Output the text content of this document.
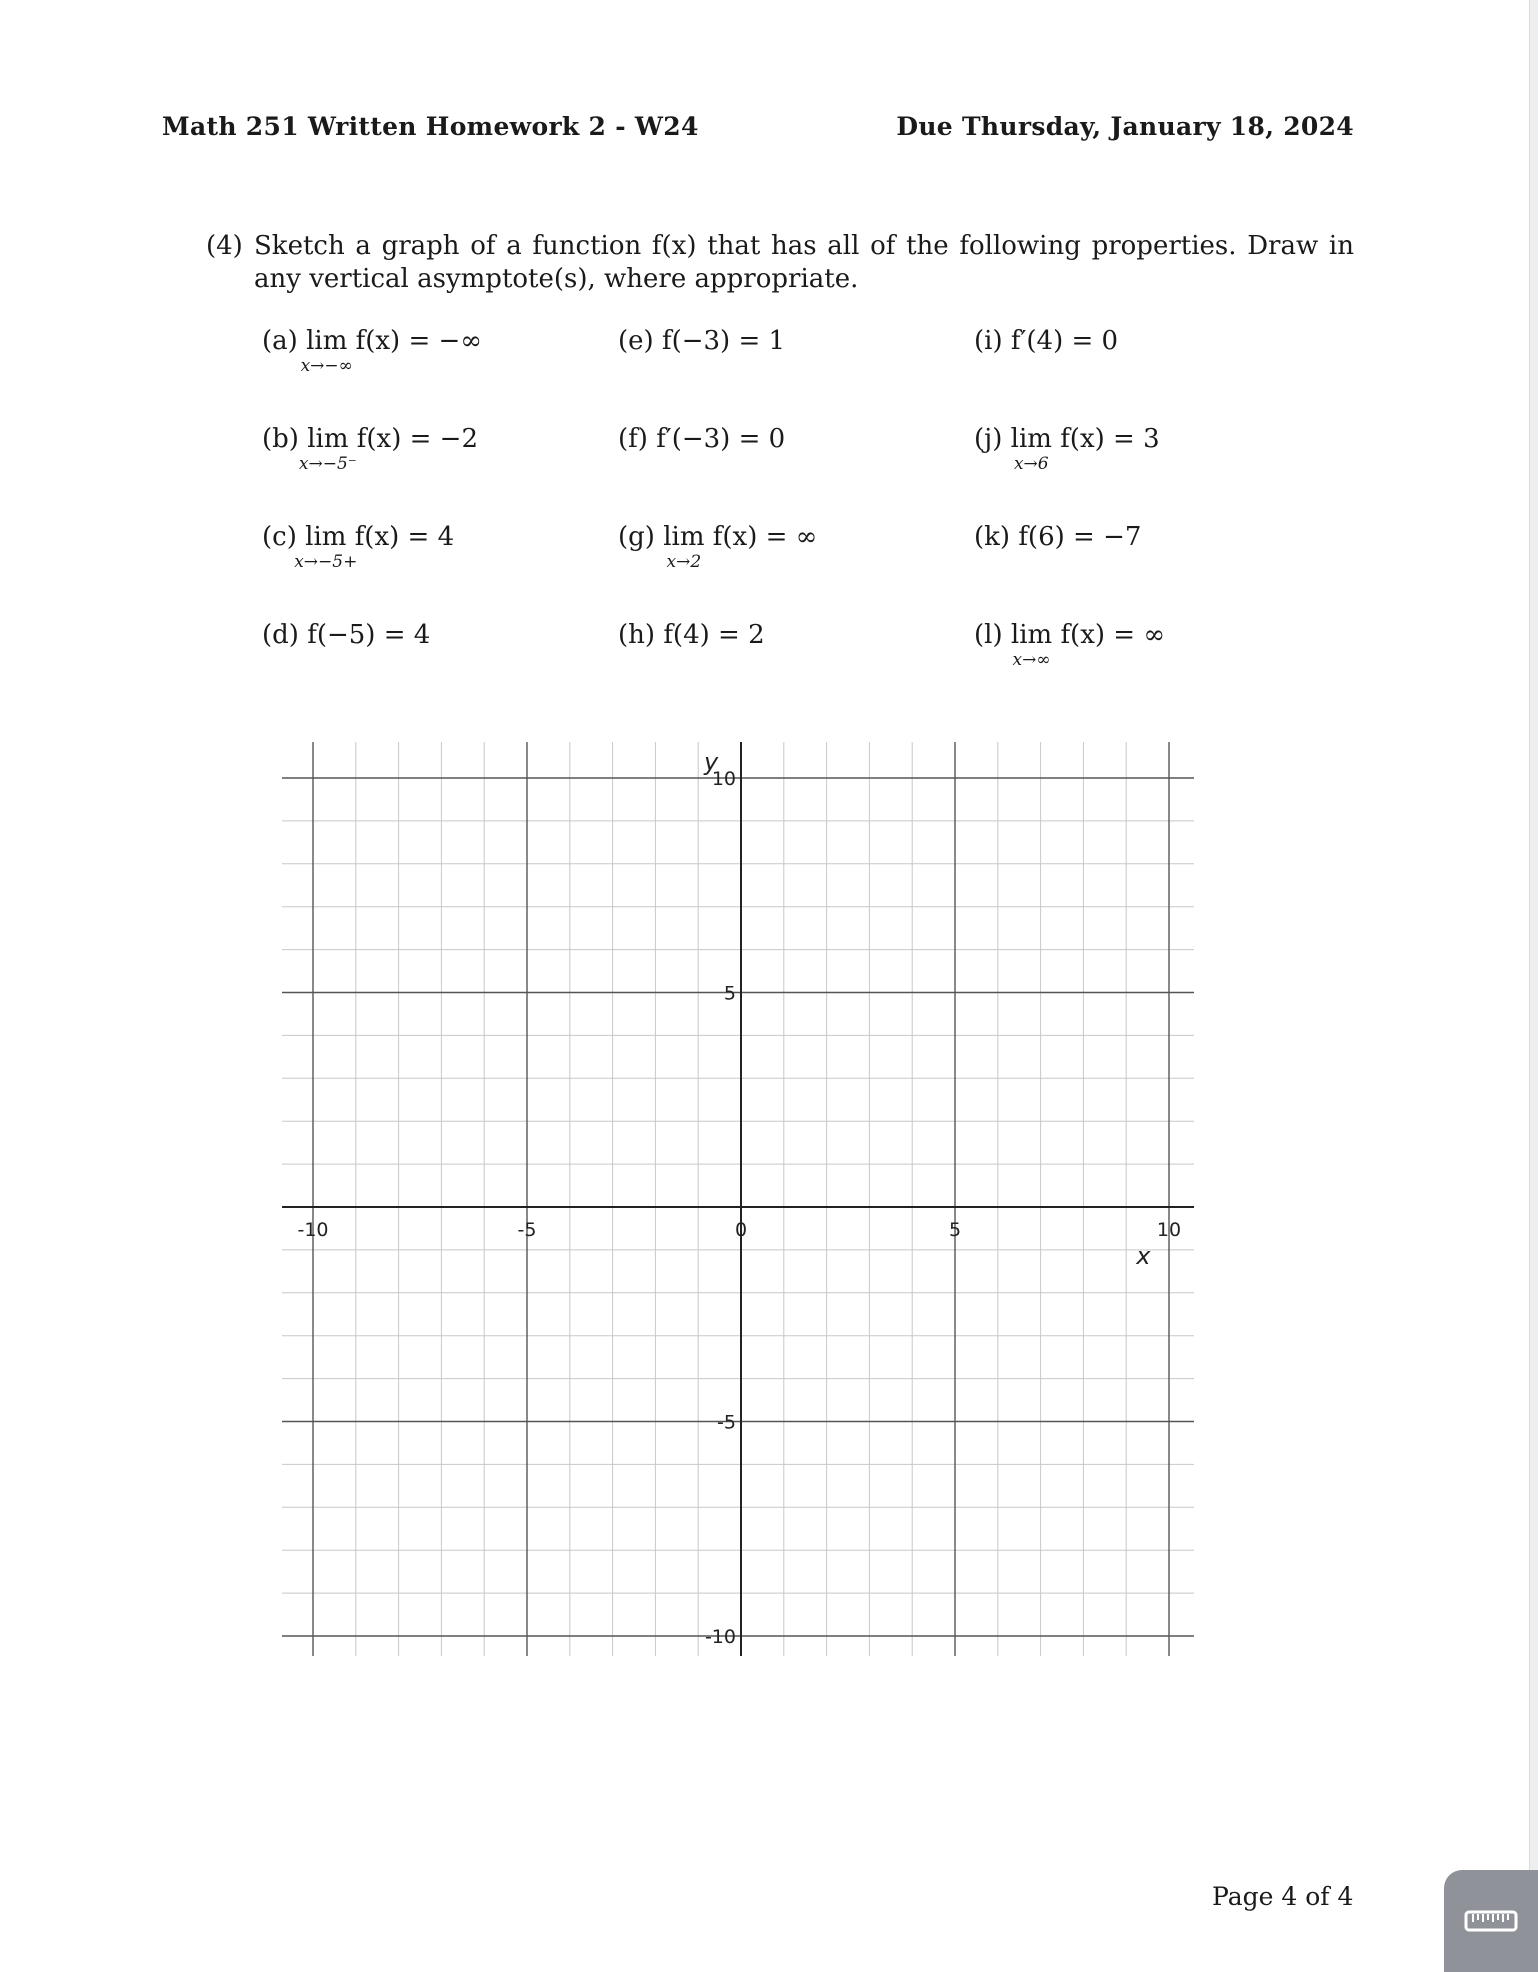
Math 251 Written Homework 2 - W24	Due Thursday, January 18, 2024
(4) Sketch a graph of a function f(x) that has all of the following properties. Draw in any vertical asymptote(s), where appropriate.
(a) lim
x→−∞
f(x) = −∞
(b) lim
x→−5⁻
f(x) = −2
(c) lim
x→−5+
f(x) = 4
(d) f(−5) = 4
(e) f(−3) = 1
(f) f′(−3) = 0
(g) lim
x→2
f(x) = ∞
(h) f(4) = 2
(i) f′(4) = 0
(j) lim
x→6
f(x) = 3
(k) f(6) = −7
(l) lim
x→∞
f(x) = ∞
-10	-5	0	5	10
10
5
-5
-10
x
y
Page 4 of 4
